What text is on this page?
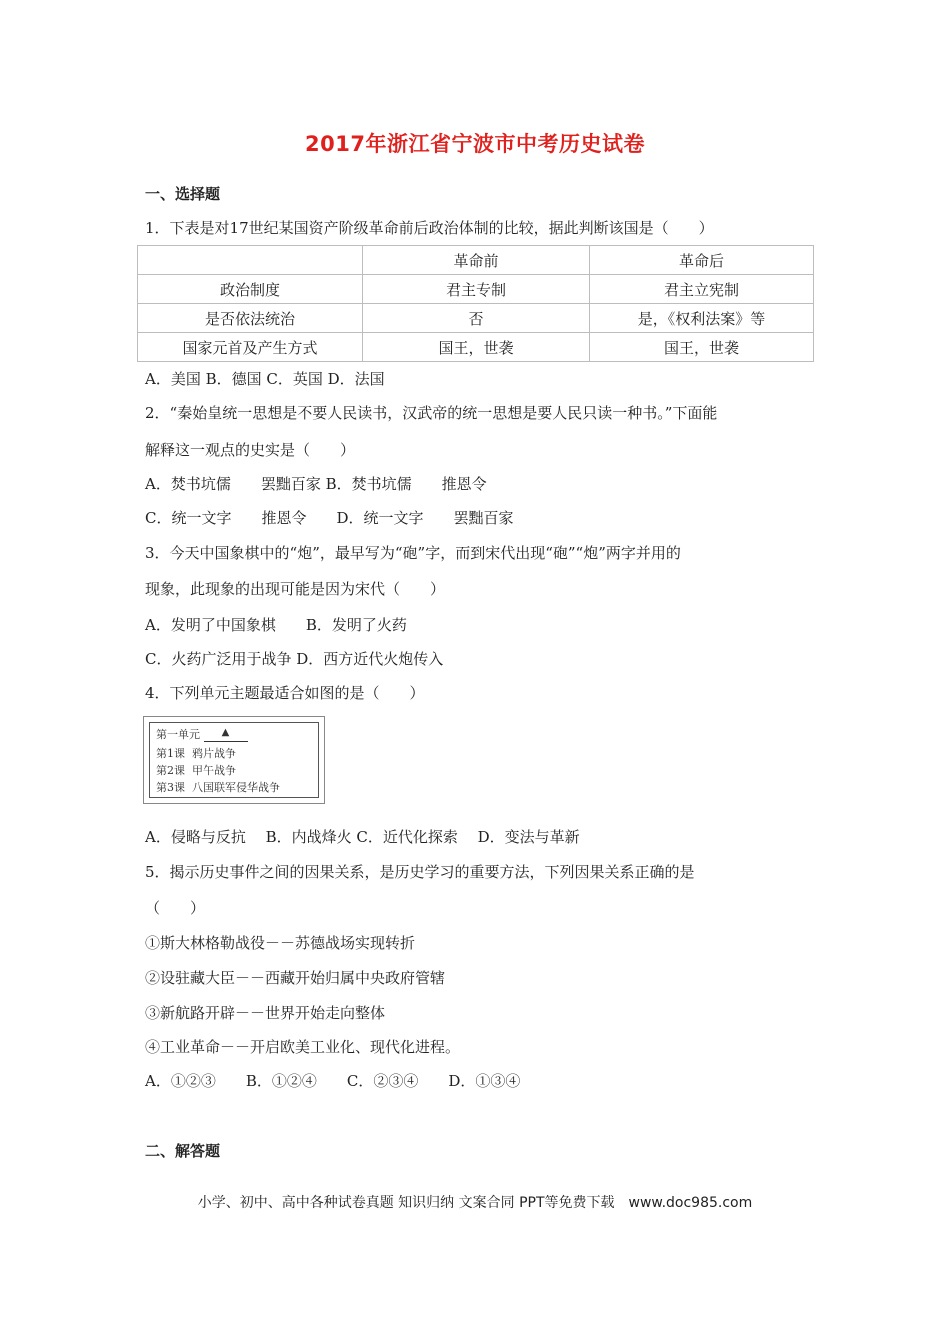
2017年浙江省宁波市中考历史试卷
一、选择题
1．下表是对17世纪某国资产阶级革命前后政治体制的比较，据此判断该国是（　　）
	革命前	革命后
政治制度	君主专制	君主立宪制
是否依法统治	否	是，《权利法案》等
国家元首及产生方式	国王，世袭	国王，世袭
A．美国 B．德国 C．英国 D．法国
2．“秦始皇统一思想是不要人民读书，汉武帝的统一思想是要人民只读一种书。”下面能
解释这一观点的史实是（　　）
A．焚书坑儒　　罢黜百家 B．焚书坑儒　　推恩令
C．统一文字　　推恩令　　D．统一文字　　罢黜百家
3．今天中国象棋中的“炮”，最早写为“砲”字，而到宋代出现“砲”“炮”两字并用的
现象，此现象的出现可能是因为宋代（　　）
A．发明了中国象棋　　B．发明了火药
C．火药广泛用于战争 D．西方近代火炮传入
4．下列单元主题最适合如图的是（　　）
第一单元 ▲
第1课  鸦片战争
第2课  甲午战争
第3课  八国联军侵华战争
A．侵略与反抗　 B．内战烽火 C．近代化探索　 D．变法与革新
5．揭示历史事件之间的因果关系，是历史学习的重要方法，下列因果关系正确的是
（　　）
①斯大林格勒战役－－苏德战场实现转折
②设驻藏大臣－－西藏开始归属中央政府管辖
③新航路开辟－－世界开始走向整体
④工业革命－－开启欧美工业化、现代化进程。
A．①②③　　B．①②④　　C．②③④　　D．①③④
二、解答题
小学、初中、高中各种试卷真题 知识归纳 文案合同 PPT等免费下载　www.doc985.com
